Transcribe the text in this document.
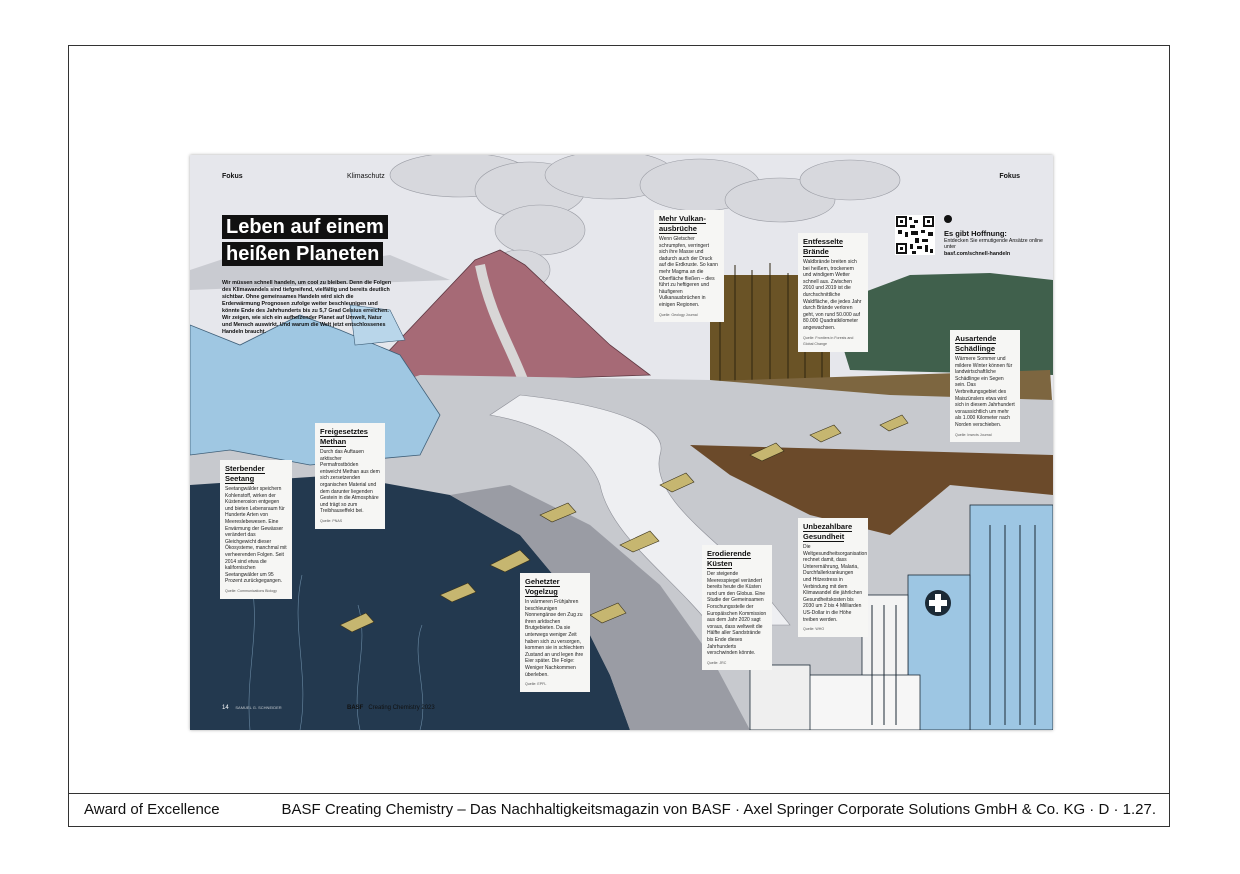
Award of Excellence	BASF Creating Chemistry – Das Nachhaltigkeitsmagazin von BASF · Axel Springer Corporate Solutions GmbH & Co. KG · D · 1.27.
Fokus	Klimaschutz	Fokus
Leben auf einem
heißen Planeten
Wir müssen schnell handeln, um cool zu bleiben. Denn die Folgen des Klimawandels sind tiefgreifend, vielfältig und bereits deutlich sichtbar. Ohne gemeinsames Handeln wird sich die Erderwärmung Prognosen zufolge weiter beschleunigen und könnte Ende des Jahrhunderts bis zu 5,7 Grad Celsius erreichen. Wir zeigen, wie sich ein aufheizender Planet auf Umwelt, Natur und Mensch auswirkt. Und warum die Welt jetzt entschlossenes Handeln braucht.
Mehr Vulkan-
ausbrüche
Wenn Gletscher schrumpfen, verringert sich ihre Masse und dadurch auch der Druck auf die Erdkruste. So kann mehr Magma an die Oberfläche fließen – dies führt zu heftigeren und häufigeren Vulkanausbrüchen in einigen Regionen.
Quelle: Geology Journal
Entfesselte
Brände
Waldbrände breiten sich bei heißem, trockenem und windigem Wetter schnell aus. Zwischen 2010 und 2019 ist die durchschnittliche Waldfläche, die jedes Jahr durch Brände verloren geht, von rund 50.000 auf 80.000 Quadratkilometer angewachsen.
Quelle: Frontiers in Forests and Global Change
Ausartende
Schädlinge
Wärmere Sommer und mildere Winter können für landwirtschaftliche Schädlinge ein Segen sein. Das Verbreitungsgebiet des Maiszünslers etwa wird sich in diesem Jahrhundert voraussichtlich um mehr als 1.000 Kilometer nach Norden verschieben.
Quelle: Insects Journal
Freigesetztes
Methan
Durch das Auftauen arktischer Permafrostböden entweicht Methan aus dem sich zersetzenden organischen Material und dem darunter liegenden Gestein in die Atmosphäre und trägt so zum Treibhauseffekt bei.
Quelle: PNAS
Sterbender
Seetang
Seetangwälder speichern Kohlenstoff, wirken der Küstenerosion entgegen und bieten Lebensraum für Hunderte Arten von Meereslebewesen. Eine Erwärmung der Gewässer verändert das Gleichgewicht dieser Ökosysteme, manchmal mit verheerenden Folgen. Seit 2014 sind etwa die kalifornischen Seetangwälder um 95 Prozent zurückgegangen.
Quelle: Communications Biology
Gehetzter
Vogelzug
In wärmeren Frühjahren beschleunigen Nonnengänse den Zug zu ihren arktischen Brutgebieten. Da sie unterwegs weniger Zeit haben sich zu versorgen, kommen sie in schlechtem Zustand an und legen ihre Eier später. Die Folge: Weniger Nachkommen überleben.
Quelle: EPFL
Erodierende
Küsten
Der steigende Meeresspiegel verändert bereits heute die Küsten rund um den Globus. Eine Studie der Gemeinsamen Forschungsstelle der Europäischen Kommission aus dem Jahr 2020 sagt voraus, dass weltweit die Hälfte aller Sandstrände bis Ende dieses Jahrhunderts verschwinden könnte.
Quelle: JRC
Unbezahlbare
Gesundheit
Die Weltgesundheitsorganisation rechnet damit, dass Unterernährung, Malaria, Durchfallerkrankungen und Hitzestress in Verbindung mit dem Klimawandel die jährlichen Gesundheitskosten bis 2030 um 2 bis 4 Milliarden US-Dollar in die Höhe treiben werden.
Quelle: WHO
Es gibt Hoffnung:
Entdecken Sie ermutigende Ansätze online unter
basf.com/schnell-handeln
14 SAMUEL G. SCHNEIDER	BASF Creating Chemistry 2023
